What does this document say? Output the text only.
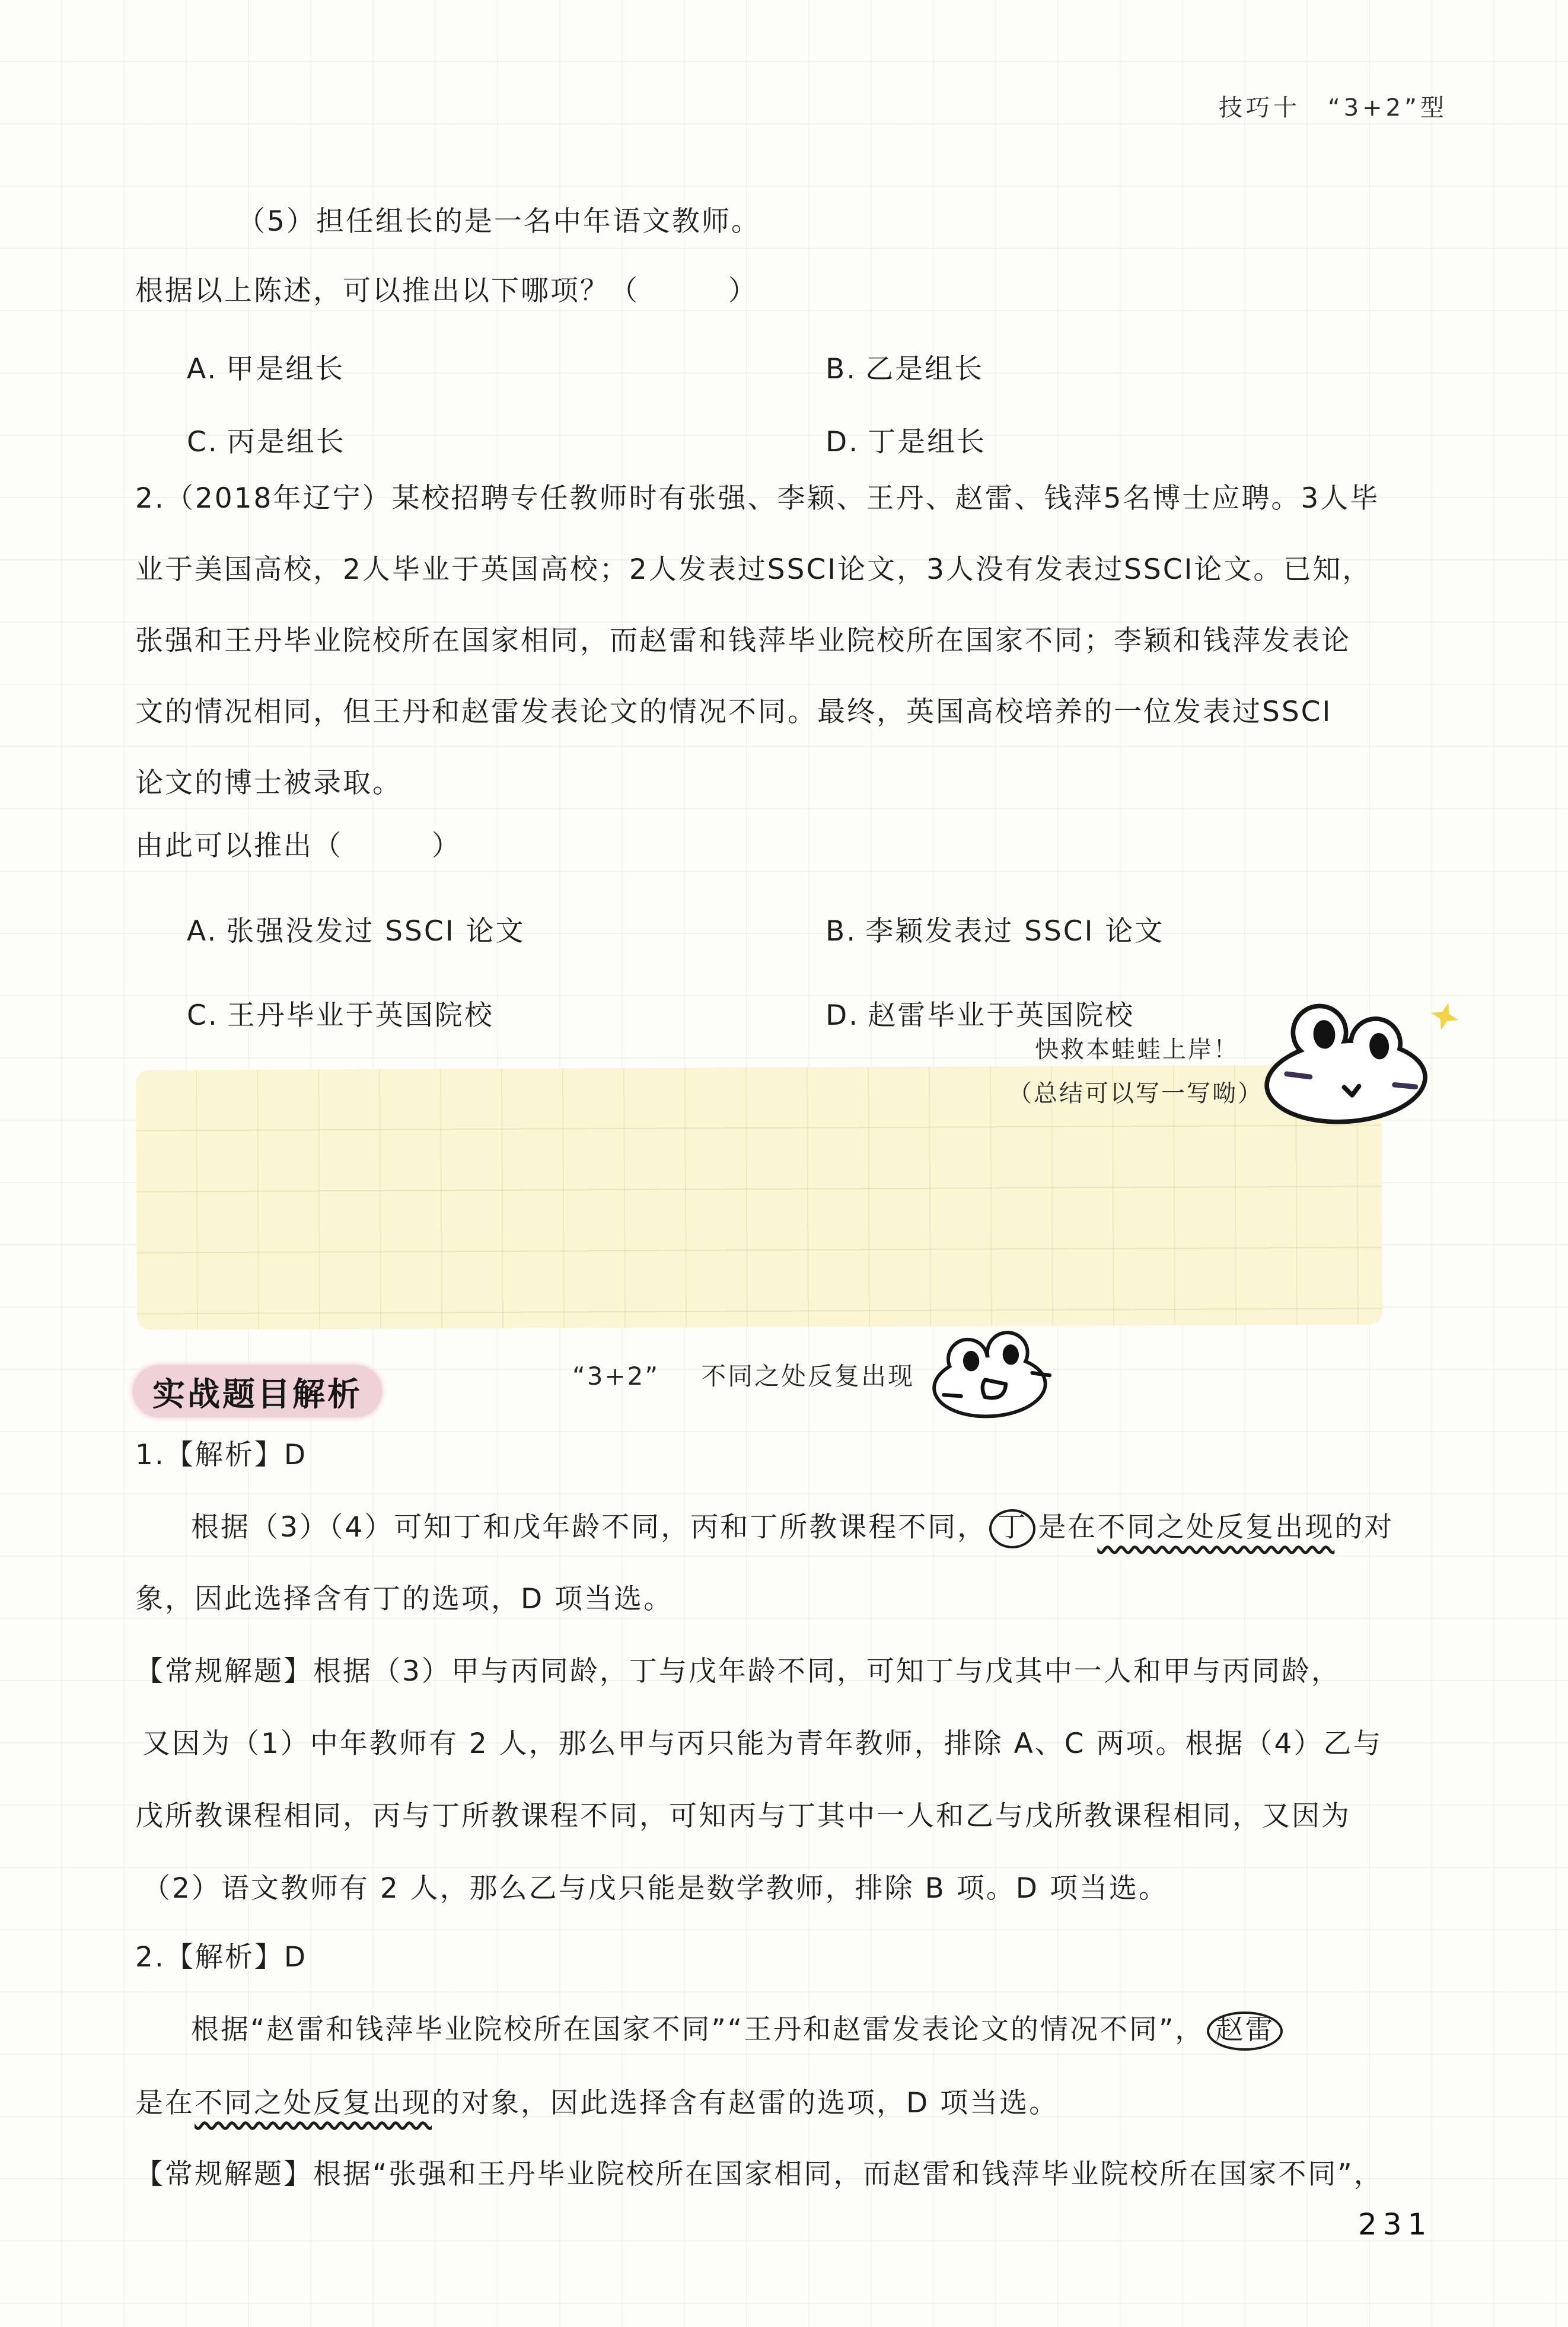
技巧十　“3+2”型
（5）担任组长的是一名中年语文教师。
根据以上陈述，可以推出以下哪项？（　　　）
A. 甲是组长	B. 乙是组长
C. 丙是组长	D. 丁是组长
2.（2018年辽宁）某校招聘专任教师时有张强、李颖、王丹、赵雷、钱萍5名博士应聘。3人毕
业于美国高校，2人毕业于英国高校；2人发表过SSCI论文，3人没有发表过SSCI论文。已知，
张强和王丹毕业院校所在国家相同，而赵雷和钱萍毕业院校所在国家不同；李颖和钱萍发表论
文的情况相同，但王丹和赵雷发表论文的情况不同。最终，英国高校培养的一位发表过SSCI
论文的博士被录取。
由此可以推出（　　　）
A. 张强没发过 SSCI 论文	B. 李颖发表过 SSCI 论文
C. 王丹毕业于英国院校	D. 赵雷毕业于英国院校
快救本蛙蛙上岸！
（总结可以写一写呦）
实战题目解析	“3+2” 不同之处反复出现
1.【解析】D
根据（3）（4）可知丁和戊年龄不同，丙和丁所教课程不同， 丁 是在不同之处反复出现的对
象，因此选择含有丁的选项，D 项当选。
【常规解题】根据（3）甲与丙同龄，丁与戊年龄不同，可知丁与戊其中一人和甲与丙同龄，
又因为（1）中年教师有 2 人，那么甲与丙只能为青年教师，排除 A、C 两项。根据（4）乙与
戊所教课程相同，丙与丁所教课程不同，可知丙与丁其中一人和乙与戊所教课程相同，又因为
（2）语文教师有 2 人，那么乙与戊只能是数学教师，排除 B 项。D 项当选。
2.【解析】D
根据“赵雷和钱萍毕业院校所在国家不同”“王丹和赵雷发表论文的情况不同”， 赵雷
是在不同之处反复出现的对象，因此选择含有赵雷的选项，D 项当选。
【常规解题】根据“张强和王丹毕业院校所在国家相同，而赵雷和钱萍毕业院校所在国家不同”，
231
